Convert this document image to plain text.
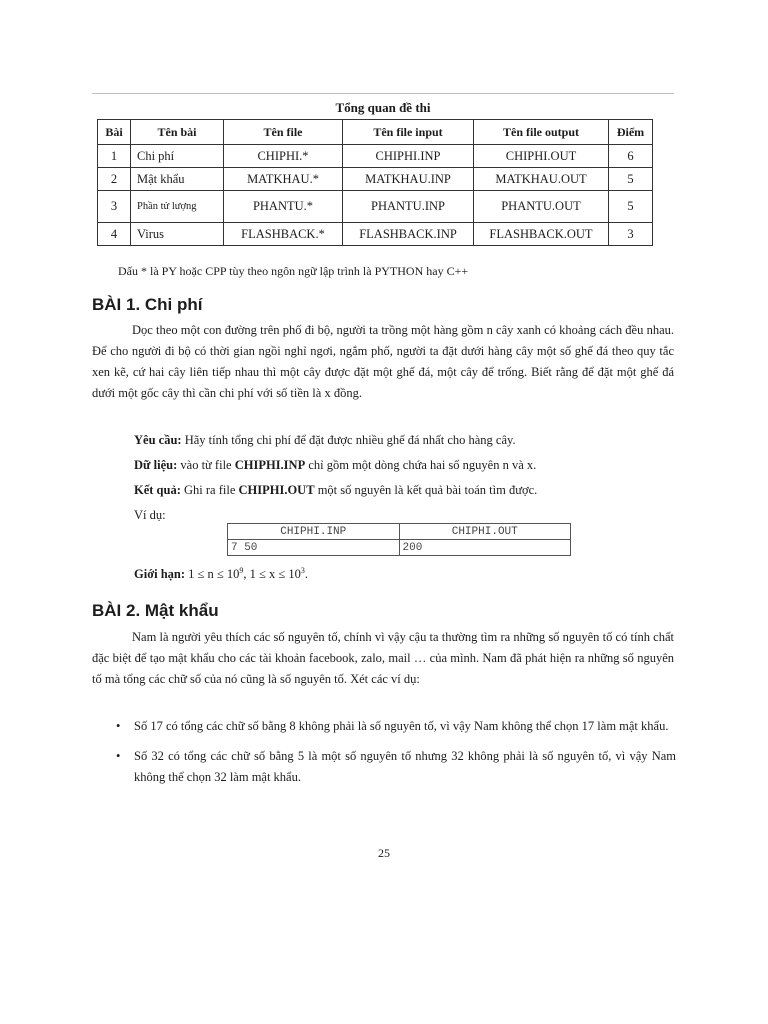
Tổng quan đề thi
Bài	Tên bài	Tên file	Tên file input	Tên file output	Điểm
1	Chi phí	CHIPHI.*	CHIPHI.INP	CHIPHI.OUT	6
2	Mật khẩu	MATKHAU.*	MATKHAU.INP	MATKHAU.OUT	5
3	Phần tử lượng	PHANTU.*	PHANTU.INP	PHANTU.OUT	5
4	Virus	FLASHBACK.*	FLASHBACK.INP	FLASHBACK.OUT	3
Dấu * là PY hoặc CPP tùy theo ngôn ngữ lập trình là PYTHON hay C++
BÀI 1. Chi phí

Dọc theo một con đường trên phố đi bộ, người ta trồng một hàng gồm n cây xanh có khoảng cách đều nhau. Để cho người đi bộ có thời gian ngồi nghỉ ngơi, ngắm phố, người ta đặt dưới hàng cây một số ghế đá theo quy tắc xen kẽ, cứ hai cây liên tiếp nhau thì một cây được đặt một ghế đá, một cây để trống. Biết rằng để đặt một ghế đá dưới một gốc cây thì cần chi phí với số tiền là x đồng.

Yêu cầu: Hãy tính tổng chi phí để đặt được nhiều ghế đá nhất cho hàng cây.
Dữ liệu: vào từ file CHIPHI.INP chỉ gồm một dòng chứa hai số nguyên n và x.
Kết quả: Ghi ra file CHIPHI.OUT một số nguyên là kết quả bài toán tìm được.
Ví dụ:
CHIPHI.INP	CHIPHI.OUT
7 50	200
Giới hạn: $1 \le n \le 10^9$, $1 \le x \le 10^3$.
BÀI 2. Mật khẩu

Nam là người yêu thích các số nguyên tố, chính vì vậy cậu ta thường tìm ra những số nguyên tố có tính chất đặc biệt để tạo mật khẩu cho các tài khoản facebook, zalo, mail … của mình. Nam đã phát hiện ra những số nguyên tố mà tổng các chữ số của nó cũng là số nguyên tố. Xét các ví dụ:

• Số 17 có tổng các chữ số bằng 8 không phải là số nguyên tố, vì vậy Nam không thể chọn 17 làm mật khẩu.
• Số 32 có tổng các chữ số bằng 5 là một số nguyên tố nhưng 32 không phải là số nguyên tố, vì vậy Nam không thể chọn 32 làm mật khẩu.
25
